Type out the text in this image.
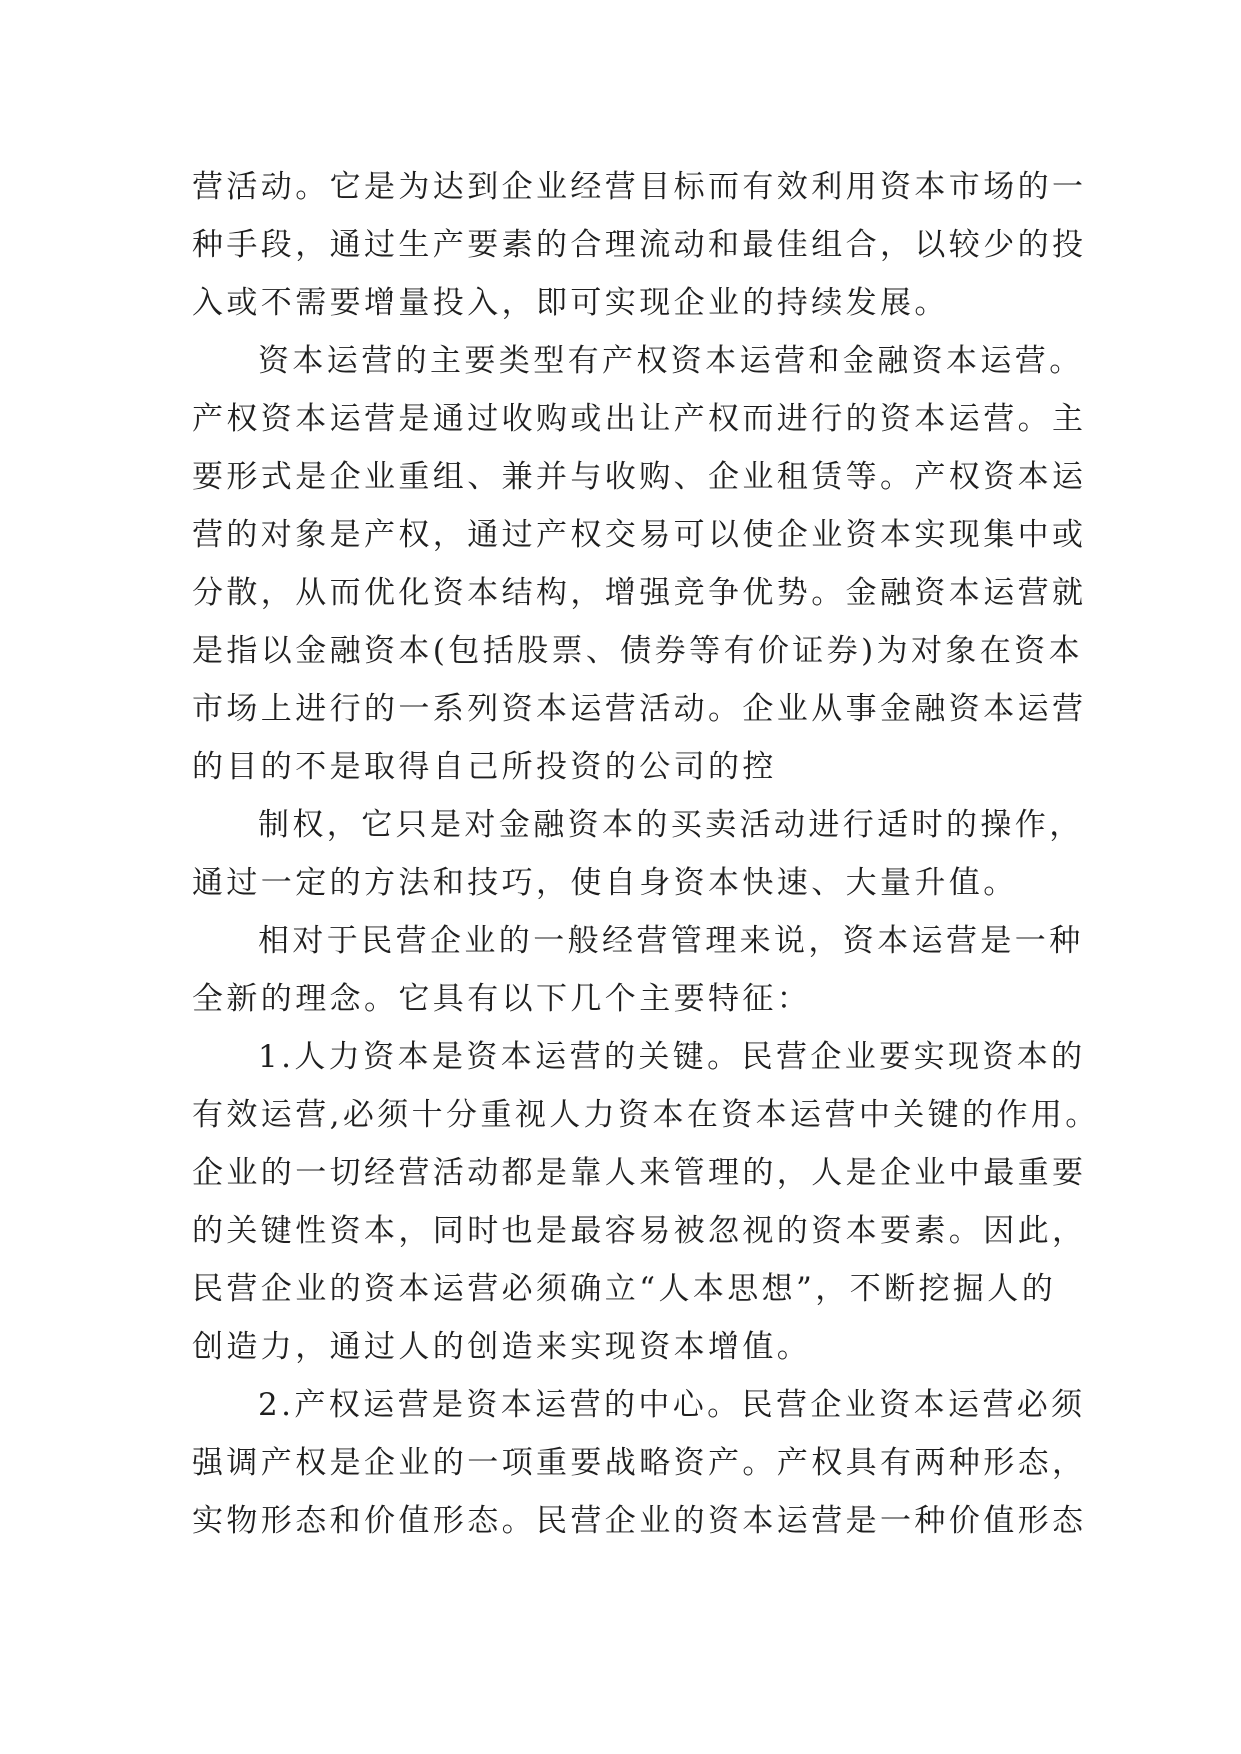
营活动。它是为达到企业经营目标而有效利用资本市场的一
种手段，通过生产要素的合理流动和最佳组合，以较少的投
入或不需要增量投入，即可实现企业的持续发展。
资本运营的主要类型有产权资本运营和金融资本运营。
产权资本运营是通过收购或出让产权而进行的资本运营。主
要形式是企业重组、兼并与收购、企业租赁等。产权资本运
营的对象是产权，通过产权交易可以使企业资本实现集中或
分散，从而优化资本结构，增强竞争优势。金融资本运营就
是指以金融资本(包括股票、债券等有价证券)为对象在资本
市场上进行的一系列资本运营活动。企业从事金融资本运营
的目的不是取得自己所投资的公司的控
制权，它只是对金融资本的买卖活动进行适时的操作，
通过一定的方法和技巧，使自身资本快速、大量升值。
相对于民营企业的一般经营管理来说，资本运营是一种
全新的理念。它具有以下几个主要特征：
1.人力资本是资本运营的关键。民营企业要实现资本的
有效运营,必须十分重视人力资本在资本运营中关键的作用。
企业的一切经营活动都是靠人来管理的，人是企业中最重要
的关键性资本，同时也是最容易被忽视的资本要素。因此，
民营企业的资本运营必须确立“人本思想”，不断挖掘人的
创造力，通过人的创造来实现资本增值。
2.产权运营是资本运营的中心。民营企业资本运营必须
强调产权是企业的一项重要战略资产。产权具有两种形态，
实物形态和价值形态。民营企业的资本运营是一种价值形态
